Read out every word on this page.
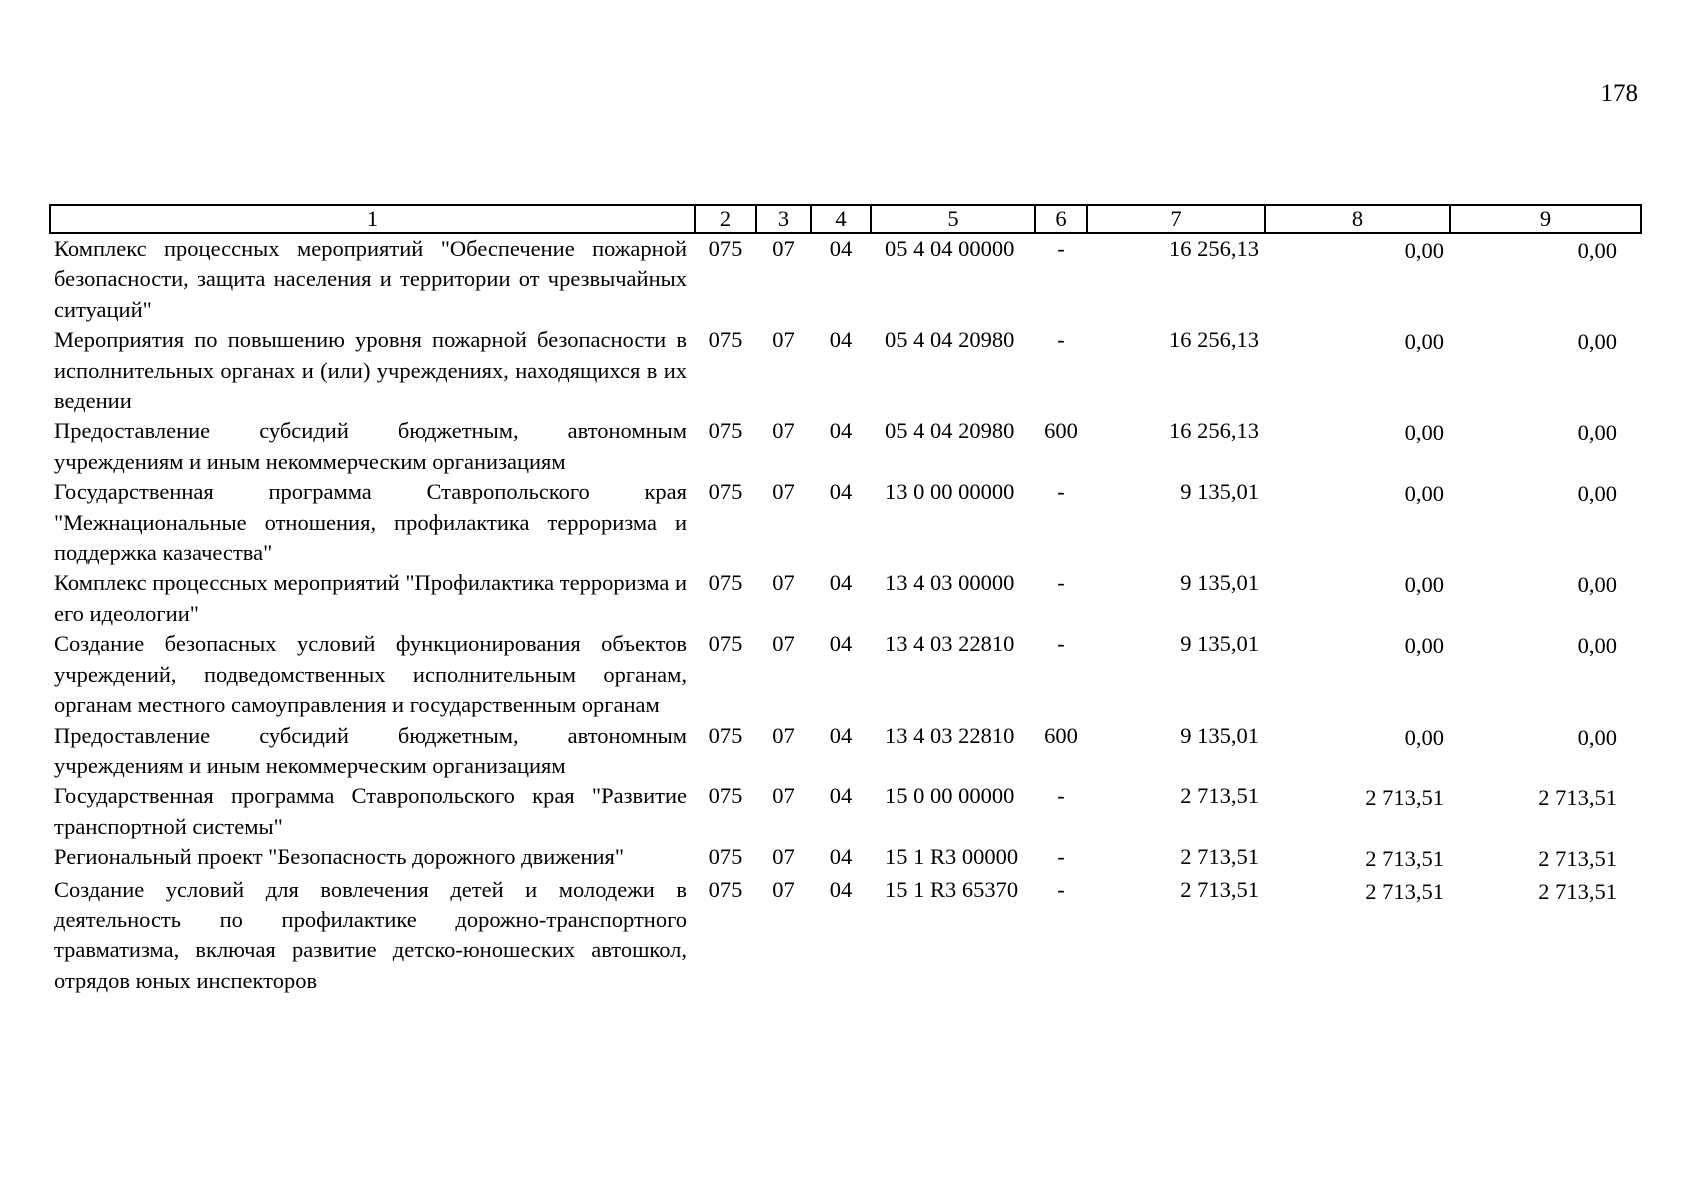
178
1	2	3	4	5	6	7	8	9
Комплекс процессных мероприятий "Обеспечение пожарной безопасности, защита населения и территории от чрезвычайных ситуаций"	075	07	04	05 4 04 00000	-	16 256,13	0,00	0,00
Мероприятия по повышению уровня пожарной безопасности в исполнительных органах и (или) учреждениях, находящихся в их ведении	075	07	04	05 4 04 20980	-	16 256,13	0,00	0,00
Предоставление субсидий бюджетным, автономным учреждениям и иным некоммерческим организациям	075	07	04	05 4 04 20980	600	16 256,13	0,00	0,00
Государственная программа Ставропольского края "Межнациональные отношения, профилактика терроризма и поддержка казачества"	075	07	04	13 0 00 00000	-	9 135,01	0,00	0,00
Комплекс процессных мероприятий "Профилактика терроризма и его идеологии"	075	07	04	13 4 03 00000	-	9 135,01	0,00	0,00
Создание безопасных условий функционирования объектов учреждений, подведомственных исполнительным органам, органам местного самоуправления и государственным органам	075	07	04	13 4 03 22810	-	9 135,01	0,00	0,00
Предоставление субсидий бюджетным, автономным учреждениям и иным некоммерческим организациям	075	07	04	13 4 03 22810	600	9 135,01	0,00	0,00
Государственная программа Ставропольского края "Развитие транспортной системы"	075	07	04	15 0 00 00000	-	2 713,51	2 713,51	2 713,51
Региональный проект "Безопасность дорожного движения"	075	07	04	15 1 R3 00000	-	2 713,51	2 713,51	2 713,51
Создание условий для вовлечения детей и молодежи в деятельность по профилактике дорожно-транспортного травматизма, включая развитие детско-юношеских автошкол, отрядов юных инспекторов	075	07	04	15 1 R3 65370	-	2 713,51	2 713,51	2 713,51
